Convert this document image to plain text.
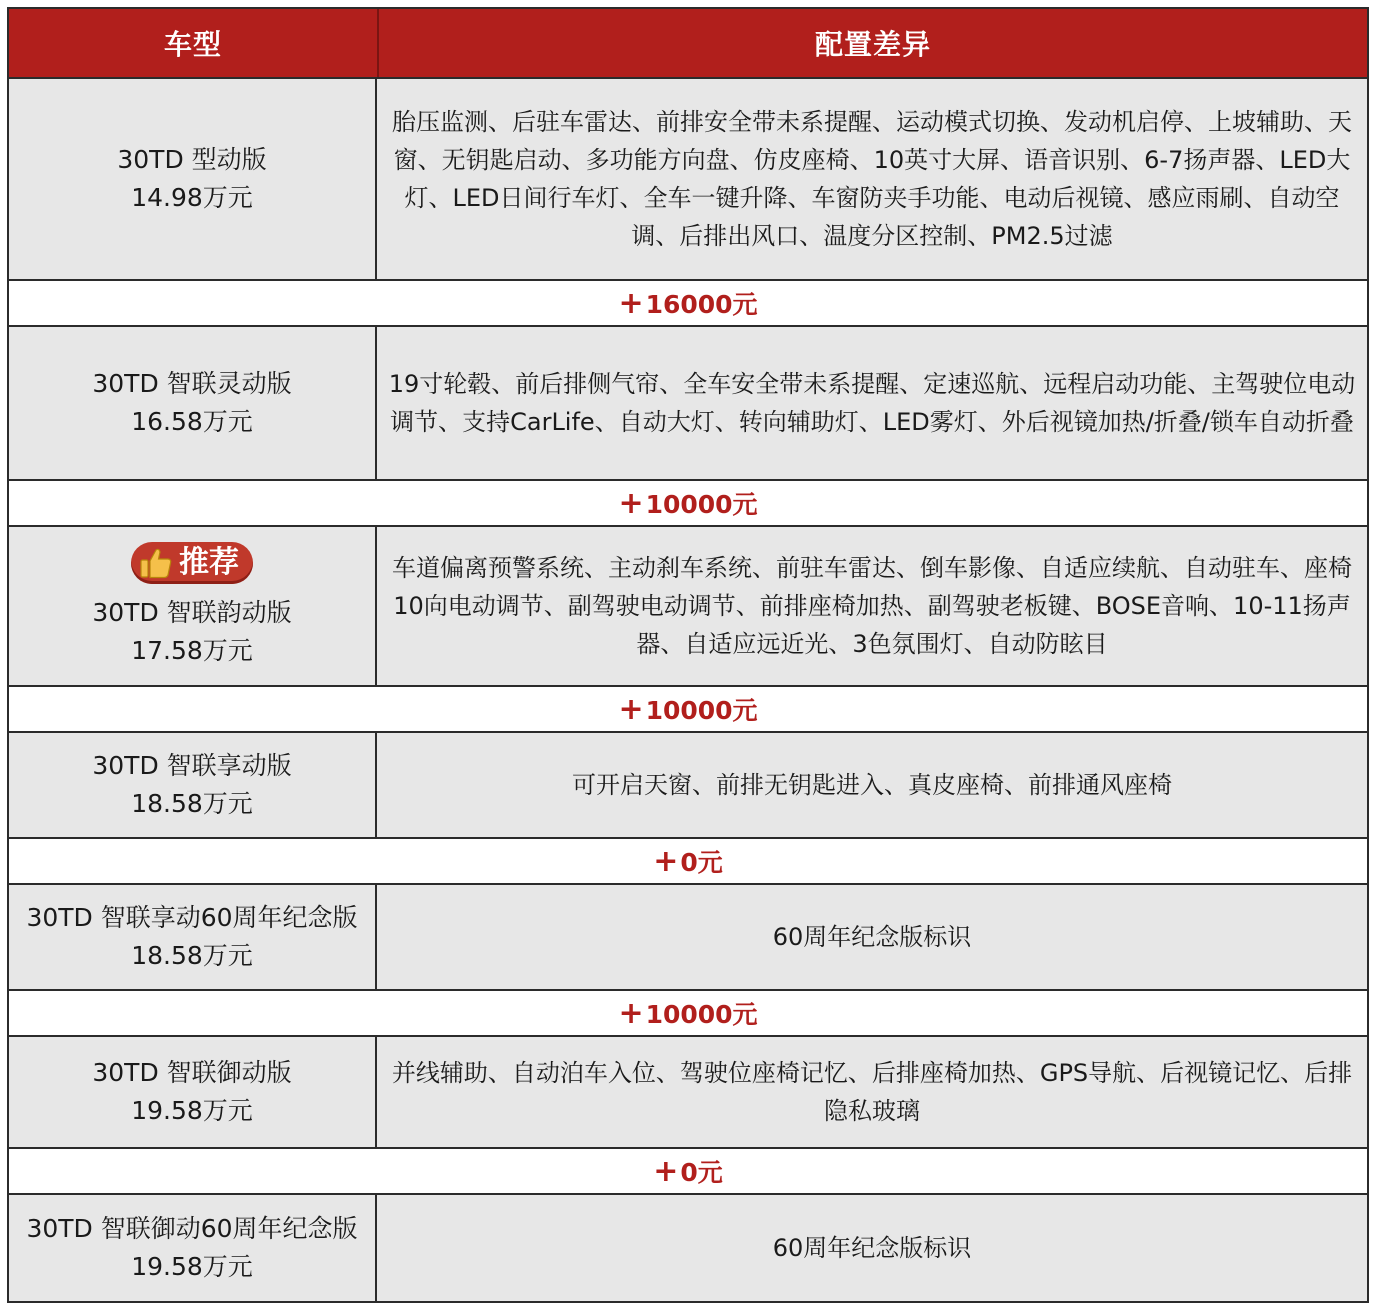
车型	配置差异
30TD 型动版
14.98万元
胎压监测、后驻车雷达、前排安全带未系提醒、运动模式切换、发动机启停、上坡辅助、天窗、无钥匙启动、多功能方向盘、仿皮座椅、10英寸大屏、语音识别、6-7扬声器、LED大灯、LED日间行车灯、全车一键升降、车窗防夹手功能、电动后视镜、感应雨刷、自动空调、后排出风口、温度分区控制、PM2.5过滤
+ 16000元
30TD 智联灵动版
16.58万元
19寸轮毂、前后排侧气帘、全车安全带未系提醒、定速巡航、远程启动功能、主驾驶位电动调节、支持CarLife、自动大灯、转向辅助灯、LED雾灯、外后视镜加热/折叠/锁车自动折叠
+ 10000元
推荐
30TD 智联韵动版
17.58万元
车道偏离预警系统、主动刹车系统、前驻车雷达、倒车影像、自适应续航、自动驻车、座椅10向电动调节、副驾驶电动调节、前排座椅加热、副驾驶老板键、BOSE音响、10-11扬声器、自适应远近光、3色氛围灯、自动防眩目
+ 10000元
30TD 智联享动版
18.58万元
可开启天窗、前排无钥匙进入、真皮座椅、前排通风座椅
+ 0元
30TD 智联享动60周年纪念版
18.58万元
60周年纪念版标识
+ 10000元
30TD 智联御动版
19.58万元
并线辅助、自动泊车入位、驾驶位座椅记忆、后排座椅加热、GPS导航、后视镜记忆、后排隐私玻璃
+ 0元
30TD 智联御动60周年纪念版
19.58万元
60周年纪念版标识
